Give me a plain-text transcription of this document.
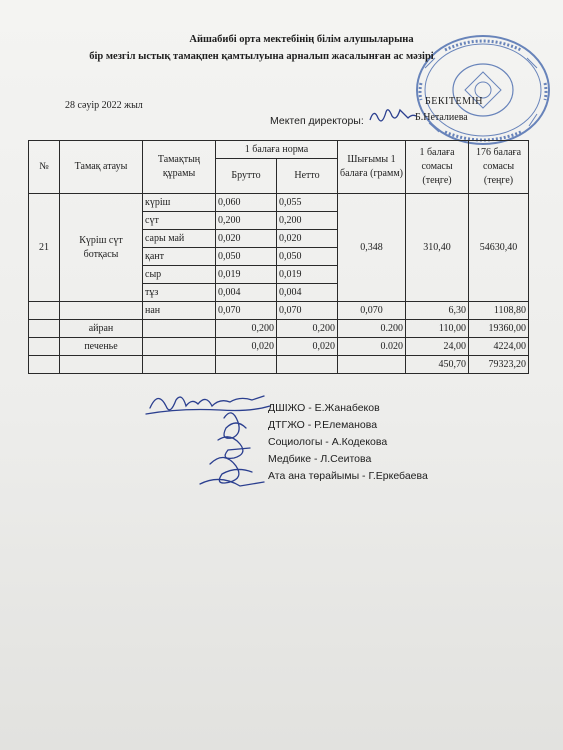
Айшабибі орта мектебінің білім алушыларына
бір мезгіл ыстық тамақпен қамтылуына арналып жасалынған ас мәзірі
28 сәуір 2022 жыл	БЕКІТЕМІН
Мектеп директоры:	Б.Неталиева
№	Тамақ атауы	Тамақтың құрамы	1 балаға норма		Шығымы 1 балаға (грамм)	1 балаға сомасы (теңге)	176 балаға сомасы (теңге)
			Брутто	Нетто			
21	Күріш сүт ботқасы	күріш	0,060	0,055	0,348	310,40	54630,40
		сүт	0,200	0,200			
		сары май	0,020	0,020			
		қант	0,050	0,050			
		сыр	0,019	0,019			
		тұз	0,004	0,004			
		нан	0,070	0,070	0,070	6,30	1108,80
	айран		0,200	0,200	0.200	110,00	19360,00
	печенье		0,020	0,020	0.020	24,00	4224,00
						450,70	79323,20
ДШІЖО - Е.Жанабеков
ДТГЖО - Р.Елеманова
Социологы - А.Кодекова
Медбике - Л.Сеитова
Ата ана төрайымы - Г.Еркебаева
